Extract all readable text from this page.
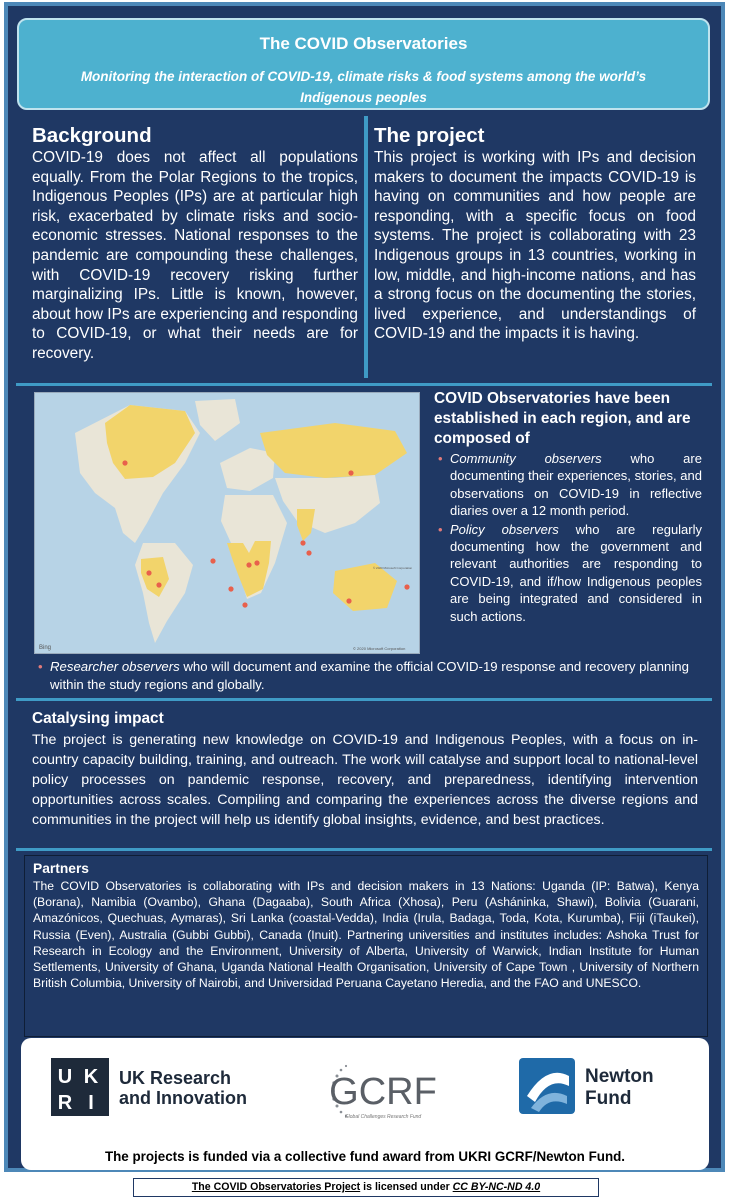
The COVID Observatories
Monitoring the interaction of COVID-19, climate risks & food systems among the world’s Indigenous peoples
Background

COVID-19 does not affect all populations equally. From the Polar Regions to the tropics, Indigenous Peoples (IPs) are at particular high risk, exacerbated by climate risks and socio-economic stresses. National responses to the pandemic are compounding these challenges, with COVID-19 recovery risking further marginalizing IPs. Little is known, however, about how IPs are experiencing and responding to COVID-19, or what their needs are for recovery.

The project

This project is working with IPs and decision makers to document the impacts COVID-19 is having on communities and how people are responding, with a specific focus on food systems. The project is collaborating with 23 Indigenous groups in 13 countries, working in low, middle, and high-income nations, and has a strong focus on the documenting the stories, lived experience, and understandings of COVID-19 and the impacts it is having.

Bing	© 2020 Microsoft Corporation
© 2020 Microsoft Corporation
COVID Observatories have been established in each region, and are composed of
• Community observers who are documenting their experiences, stories, and observations on COVID-19 in reflective diaries over a 12 month period.
• Policy observers who are regularly documenting how the government and relevant authorities are responding to COVID-19, and if/how Indigenous peoples are being integrated and considered in such actions.
• Researcher observers who will document and examine the official COVID-19 response and recovery planning within the study regions and globally.
Catalysing impact

The project is generating new knowledge on COVID-19 and Indigenous Peoples, with a focus on in-country capacity building, training, and outreach. The work will catalyse and support local to national-level policy processes on pandemic response, recovery, and preparedness, identifying intervention opportunities across scales. Compiling and comparing the experiences across the diverse regions and communities in the project will help us identify global insights, evidence, and best practices.

Partners

The COVID Observatories is collaborating with IPs and decision makers in 13 Nations: Uganda (IP: Batwa), Kenya (Borana), Namibia (Ovambo), Ghana (Dagaaba), South Africa (Xhosa), Peru (Asháninka, Shawi), Bolivia (Guarani, Amazónicos, Quechuas, Aymaras), Sri Lanka (coastal-Vedda), India (Irula, Badaga, Toda, Kota, Kurumba), Fiji (iTaukei), Russia (Even), Australia (Gubbi Gubbi), Canada (Inuit). Partnering universities and institutes includes: Ashoka Trust for Research in Ecology and the Environment, University of Alberta, University of Warwick, Indian Institute for Human Settlements, University of Ghana, Uganda National Health Organisation, University of Cape Town , University of Northern British Columbia, University of Nairobi, and Universidad Peruana Cayetano Heredia, and the FAO and UNESCO.

U K
R I
UK Research
and Innovation GCRF
Global Challenges Research Fund
Newton
Fund
The projects is funded via a collective fund award from UKRI GCRF/Newton Fund.
The COVID Observatories Project is licensed under CC BY-NC-ND 4.0
